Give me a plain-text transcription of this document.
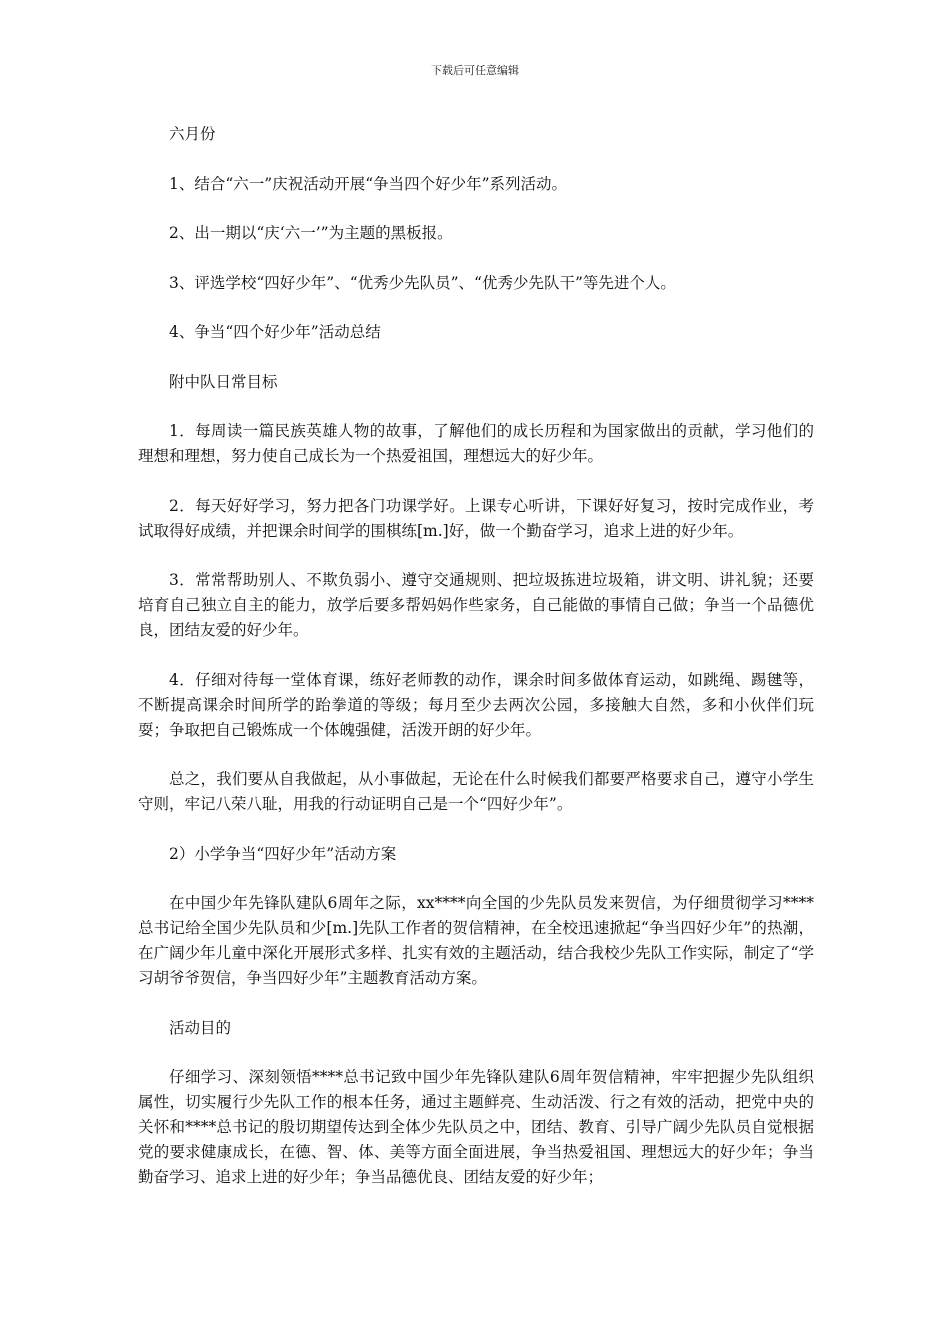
下载后可任意编辑

六月份

1、结合“六一”庆祝活动开展“争当四个好少年”系列活动。

2、出一期以“庆‘六一’”为主题的黑板报。

3、评选学校“四好少年”、“优秀少先队员”、“优秀少先队干”等先进个人。

4、争当“四个好少年”活动总结

附中队日常目标

1．每周读一篇民族英雄人物的故事，了解他们的成长历程和为国家做出的贡献，学习他们的理想和理想，努力使自己成长为一个热爱祖国，理想远大的好少年。

2．每天好好学习，努力把各门功课学好。上课专心听讲，下课好好复习，按时完成作业，考试取得好成绩，并把课余时间学的围棋练[m.]好，做一个勤奋学习，追求上进的好少年。

3．常常帮助别人、不欺负弱小、遵守交通规则、把垃圾拣进垃圾箱，讲文明、讲礼貌；还要培育自己独立自主的能力，放学后要多帮妈妈作些家务，自己能做的事情自己做；争当一个品德优良，团结友爱的好少年。

4．仔细对待每一堂体育课，练好老师教的动作，课余时间多做体育运动，如跳绳、踢毽等，不断提高课余时间所学的跆拳道的等级；每月至少去两次公园，多接触大自然，多和小伙伴们玩耍；争取把自己锻炼成一个体魄强健，活泼开朗的好少年。

总之，我们要从自我做起，从小事做起，无论在什么时候我们都要严格要求自己，遵守小学生守则，牢记八荣八耻，用我的行动证明自己是一个“四好少年”。

2）小学争当“四好少年”活动方案

在中国少年先锋队建队6周年之际，xx****向全国的少先队员发来贺信，为仔细贯彻学习****总书记给全国少先队员和少[m.]先队工作者的贺信精神，在全校迅速掀起“争当四好少年”的热潮，在广阔少年儿童中深化开展形式多样、扎实有效的主题活动，结合我校少先队工作实际，制定了“学习胡爷爷贺信，争当四好少年”主题教育活动方案。

活动目的

仔细学习、深刻领悟****总书记致中国少年先锋队建队6周年贺信精神，牢牢把握少先队组织属性，切实履行少先队工作的根本任务，通过主题鲜亮、生动活泼、行之有效的活动，把党中央的关怀和****总书记的殷切期望传达到全体少先队员之中，团结、教育、引导广阔少先队员自觉根据党的要求健康成长，在德、智、体、美等方面全面进展，争当热爱祖国、理想远大的好少年；争当勤奋学习、追求上进的好少年；争当品德优良、团结友爱的好少年；
